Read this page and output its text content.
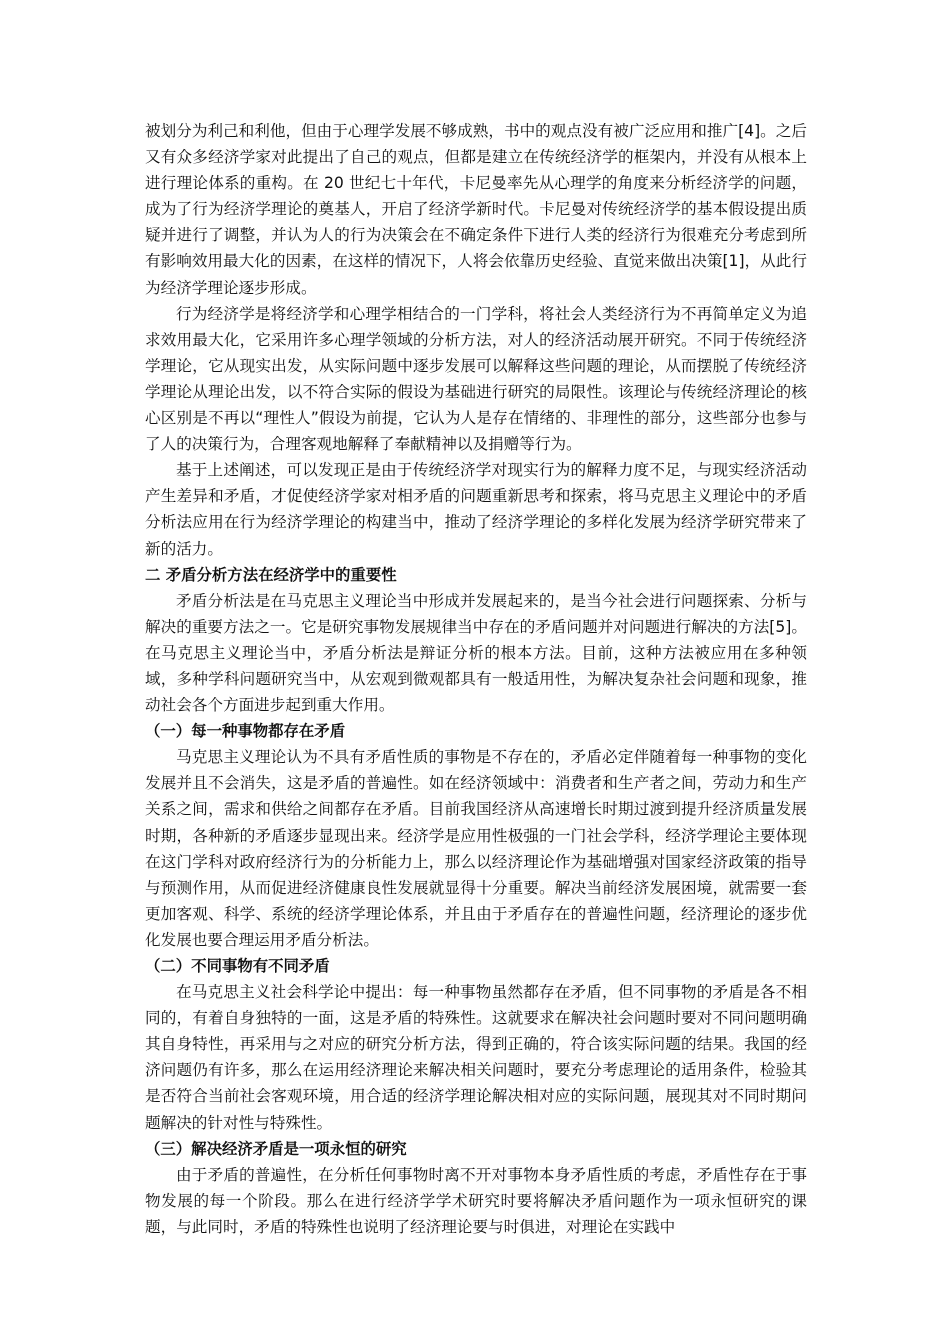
被划分为利己和利他，但由于心理学发展不够成熟，书中的观点没有被广泛应用和推广[4]。之后又有众多经济学家对此提出了自己的观点，但都是建立在传统经济学的框架内，并没有从根本上进行理论体系的重构。在 20 世纪七十年代，卡尼曼率先从心理学的角度来分析经济学的问题，成为了行为经济学理论的奠基人，开启了经济学新时代。卡尼曼对传统经济学的基本假设提出质疑并进行了调整，并认为人的行为决策会在不确定条件下进行人类的经济行为很难充分考虑到所有影响效用最大化的因素，在这样的情况下，人将会依靠历史经验、直觉来做出决策[1]，从此行为经济学理论逐步形成。

行为经济学是将经济学和心理学相结合的一门学科，将社会人类经济行为不再简单定义为追求效用最大化，它采用许多心理学领域的分析方法，对人的经济活动展开研究。不同于传统经济学理论，它从现实出发，从实际问题中逐步发展可以解释这些问题的理论，从而摆脱了传统经济学理论从理论出发，以不符合实际的假设为基础进行研究的局限性。该理论与传统经济理论的核心区别是不再以“理性人”假设为前提，它认为人是存在情绪的、非理性的部分，这些部分也参与了人的决策行为，合理客观地解释了奉献精神以及捐赠等行为。

基于上述阐述，可以发现正是由于传统经济学对现实行为的解释力度不足，与现实经济活动产生差异和矛盾，才促使经济学家对相矛盾的问题重新思考和探索，将马克思主义理论中的矛盾分析法应用在行为经济学理论的构建当中，推动了经济学理论的多样化发展为经济学研究带来了新的活力。

二 矛盾分析方法在经济学中的重要性

矛盾分析法是在马克思主义理论当中形成并发展起来的，是当今社会进行问题探索、分析与解决的重要方法之一。它是研究事物发展规律当中存在的矛盾问题并对问题进行解决的方法[5]。在马克思主义理论当中，矛盾分析法是辩证分析的根本方法。目前，这种方法被应用在多种领域，多种学科问题研究当中，从宏观到微观都具有一般适用性，为解决复杂社会问题和现象，推动社会各个方面进步起到重大作用。

（一）每一种事物都存在矛盾

马克思主义理论认为不具有矛盾性质的事物是不存在的，矛盾必定伴随着每一种事物的变化发展并且不会消失，这是矛盾的普遍性。如在经济领域中：消费者和生产者之间，劳动力和生产关系之间，需求和供给之间都存在矛盾。目前我国经济从高速增长时期过渡到提升经济质量发展时期，各种新的矛盾逐步显现出来。经济学是应用性极强的一门社会学科，经济学理论主要体现在这门学科对政府经济行为的分析能力上，那么以经济理论作为基础增强对国家经济政策的指导与预测作用，从而促进经济健康良性发展就显得十分重要。解决当前经济发展困境，就需要一套更加客观、科学、系统的经济学理论体系，并且由于矛盾存在的普遍性问题，经济理论的逐步优化发展也要合理运用矛盾分析法。

（二）不同事物有不同矛盾

在马克思主义社会科学论中提出：每一种事物虽然都存在矛盾，但不同事物的矛盾是各不相同的，有着自身独特的一面，这是矛盾的特殊性。这就要求在解决社会问题时要对不同问题明确其自身特性，再采用与之对应的研究分析方法，得到正确的，符合该实际问题的结果。我国的经济问题仍有许多，那么在运用经济理论来解决相关问题时，要充分考虑理论的适用条件，检验其是否符合当前社会客观环境，用合适的经济学理论解决相对应的实际问题，展现其对不同时期问题解决的针对性与特殊性。

（三）解决经济矛盾是一项永恒的研究

由于矛盾的普遍性，在分析任何事物时离不开对事物本身矛盾性质的考虑，矛盾性存在于事物发展的每一个阶段。那么在进行经济学学术研究时要将解决矛盾问题作为一项永恒研究的课题，与此同时，矛盾的特殊性也说明了经济理论要与时俱进，对理论在实践中
